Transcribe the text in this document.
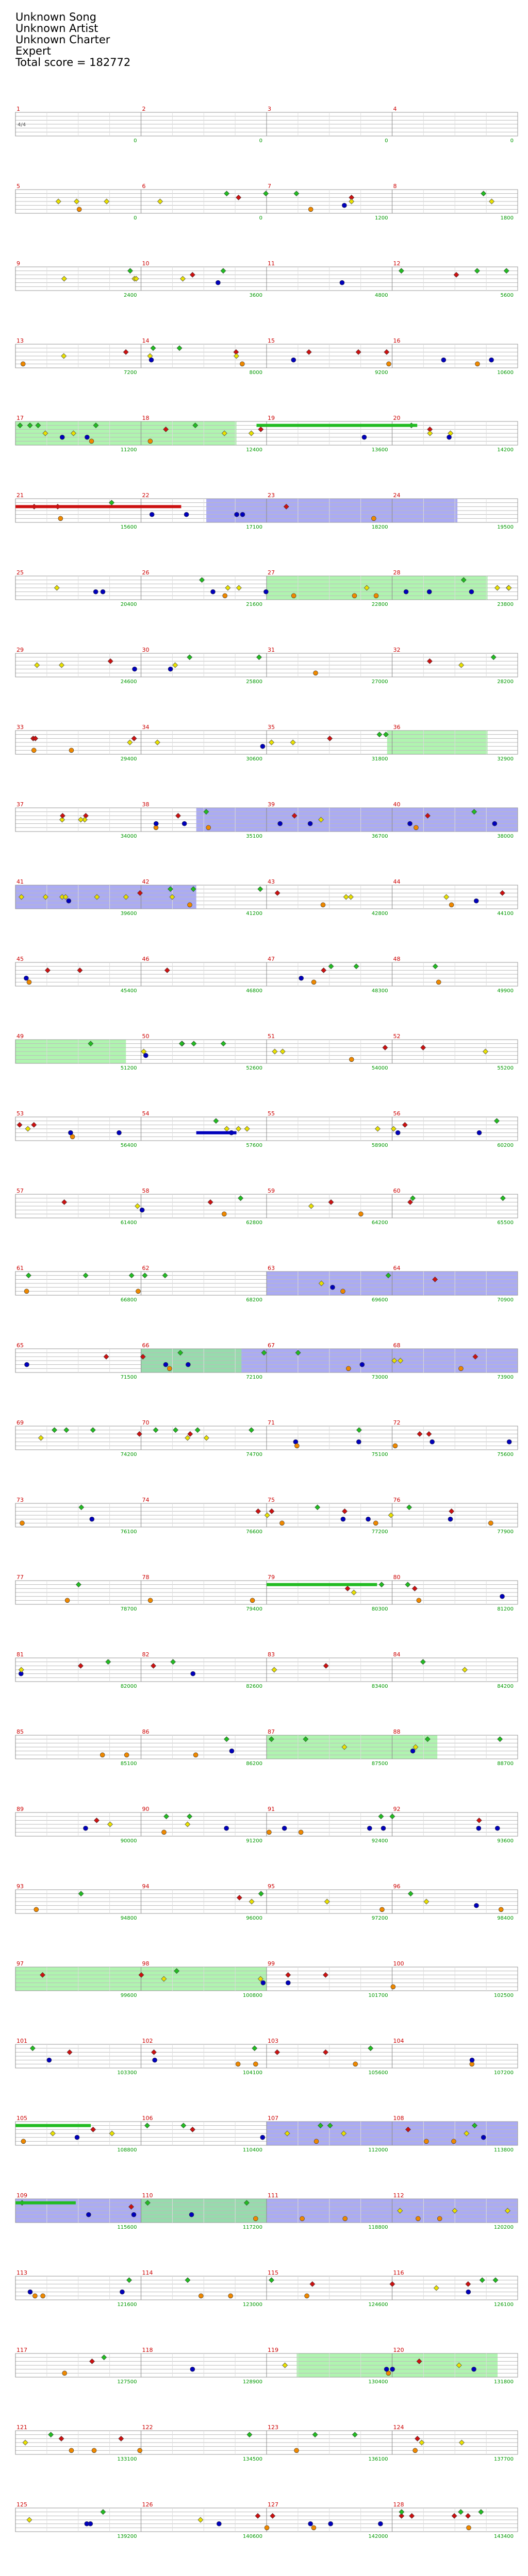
Unknown Song
Unknown Artist
Unknown Charter
Expert
Total score = 182772
1
0
2
0
3
0
4
0
4/4
5
0
6
0
7
1200
8
1800
9
2400
10
3600
11
4800
12
5600
13
7200
14
8000
15
9200
16
10600
17
11200
18
12400
19
13600
20
14200
21
15600
22
17100
23
18200
24
19500
25
20400
26
21600
27
22800
28
23800
29
24600
30
25800
31
27000
32
28200
33
29400
34
30600
35
31800
36
32900
37
34000
38
35100
39
36700
40
38000
41
39600
42
41200
43
42800
44
44100
45
45400
46
46800
47
48300
48
49900
49
51200
50
52600
51
54000
52
55200
53
56400
54
57600
55
58900
56
60200
57
61400
58
62800
59
64200
60
65500
61
66800
62
68200
63
69600
64
70900
65
71500
66
72100
67
73000
68
73900
69
74200
70
74700
71
75100
72
75600
73
76100
74
76600
75
77200
76
77900
77
78700
78
79400
79
80300
80
81200
81
82000
82
82600
83
83400
84
84200
85
85100
86
86200
87
87500
88
88700
89
90000
90
91200
91
92400
92
93600
93
94800
94
96000
95
97200
96
98400
97
99600
98
100800
99
101700
100
102500
101
103300
102
104100
103
105600
104
107200
105
108800
106
110400
107
112000
108
113800
109
115600
110
117200
111
118800
112
120200
113
121600
114
123000
115
124600
116
126100
117
127500
118
128900
119
130400
120
131800
121
133100
122
134500
123
136100
124
137700
125
139200
126
140600
127
142000
128
143400
